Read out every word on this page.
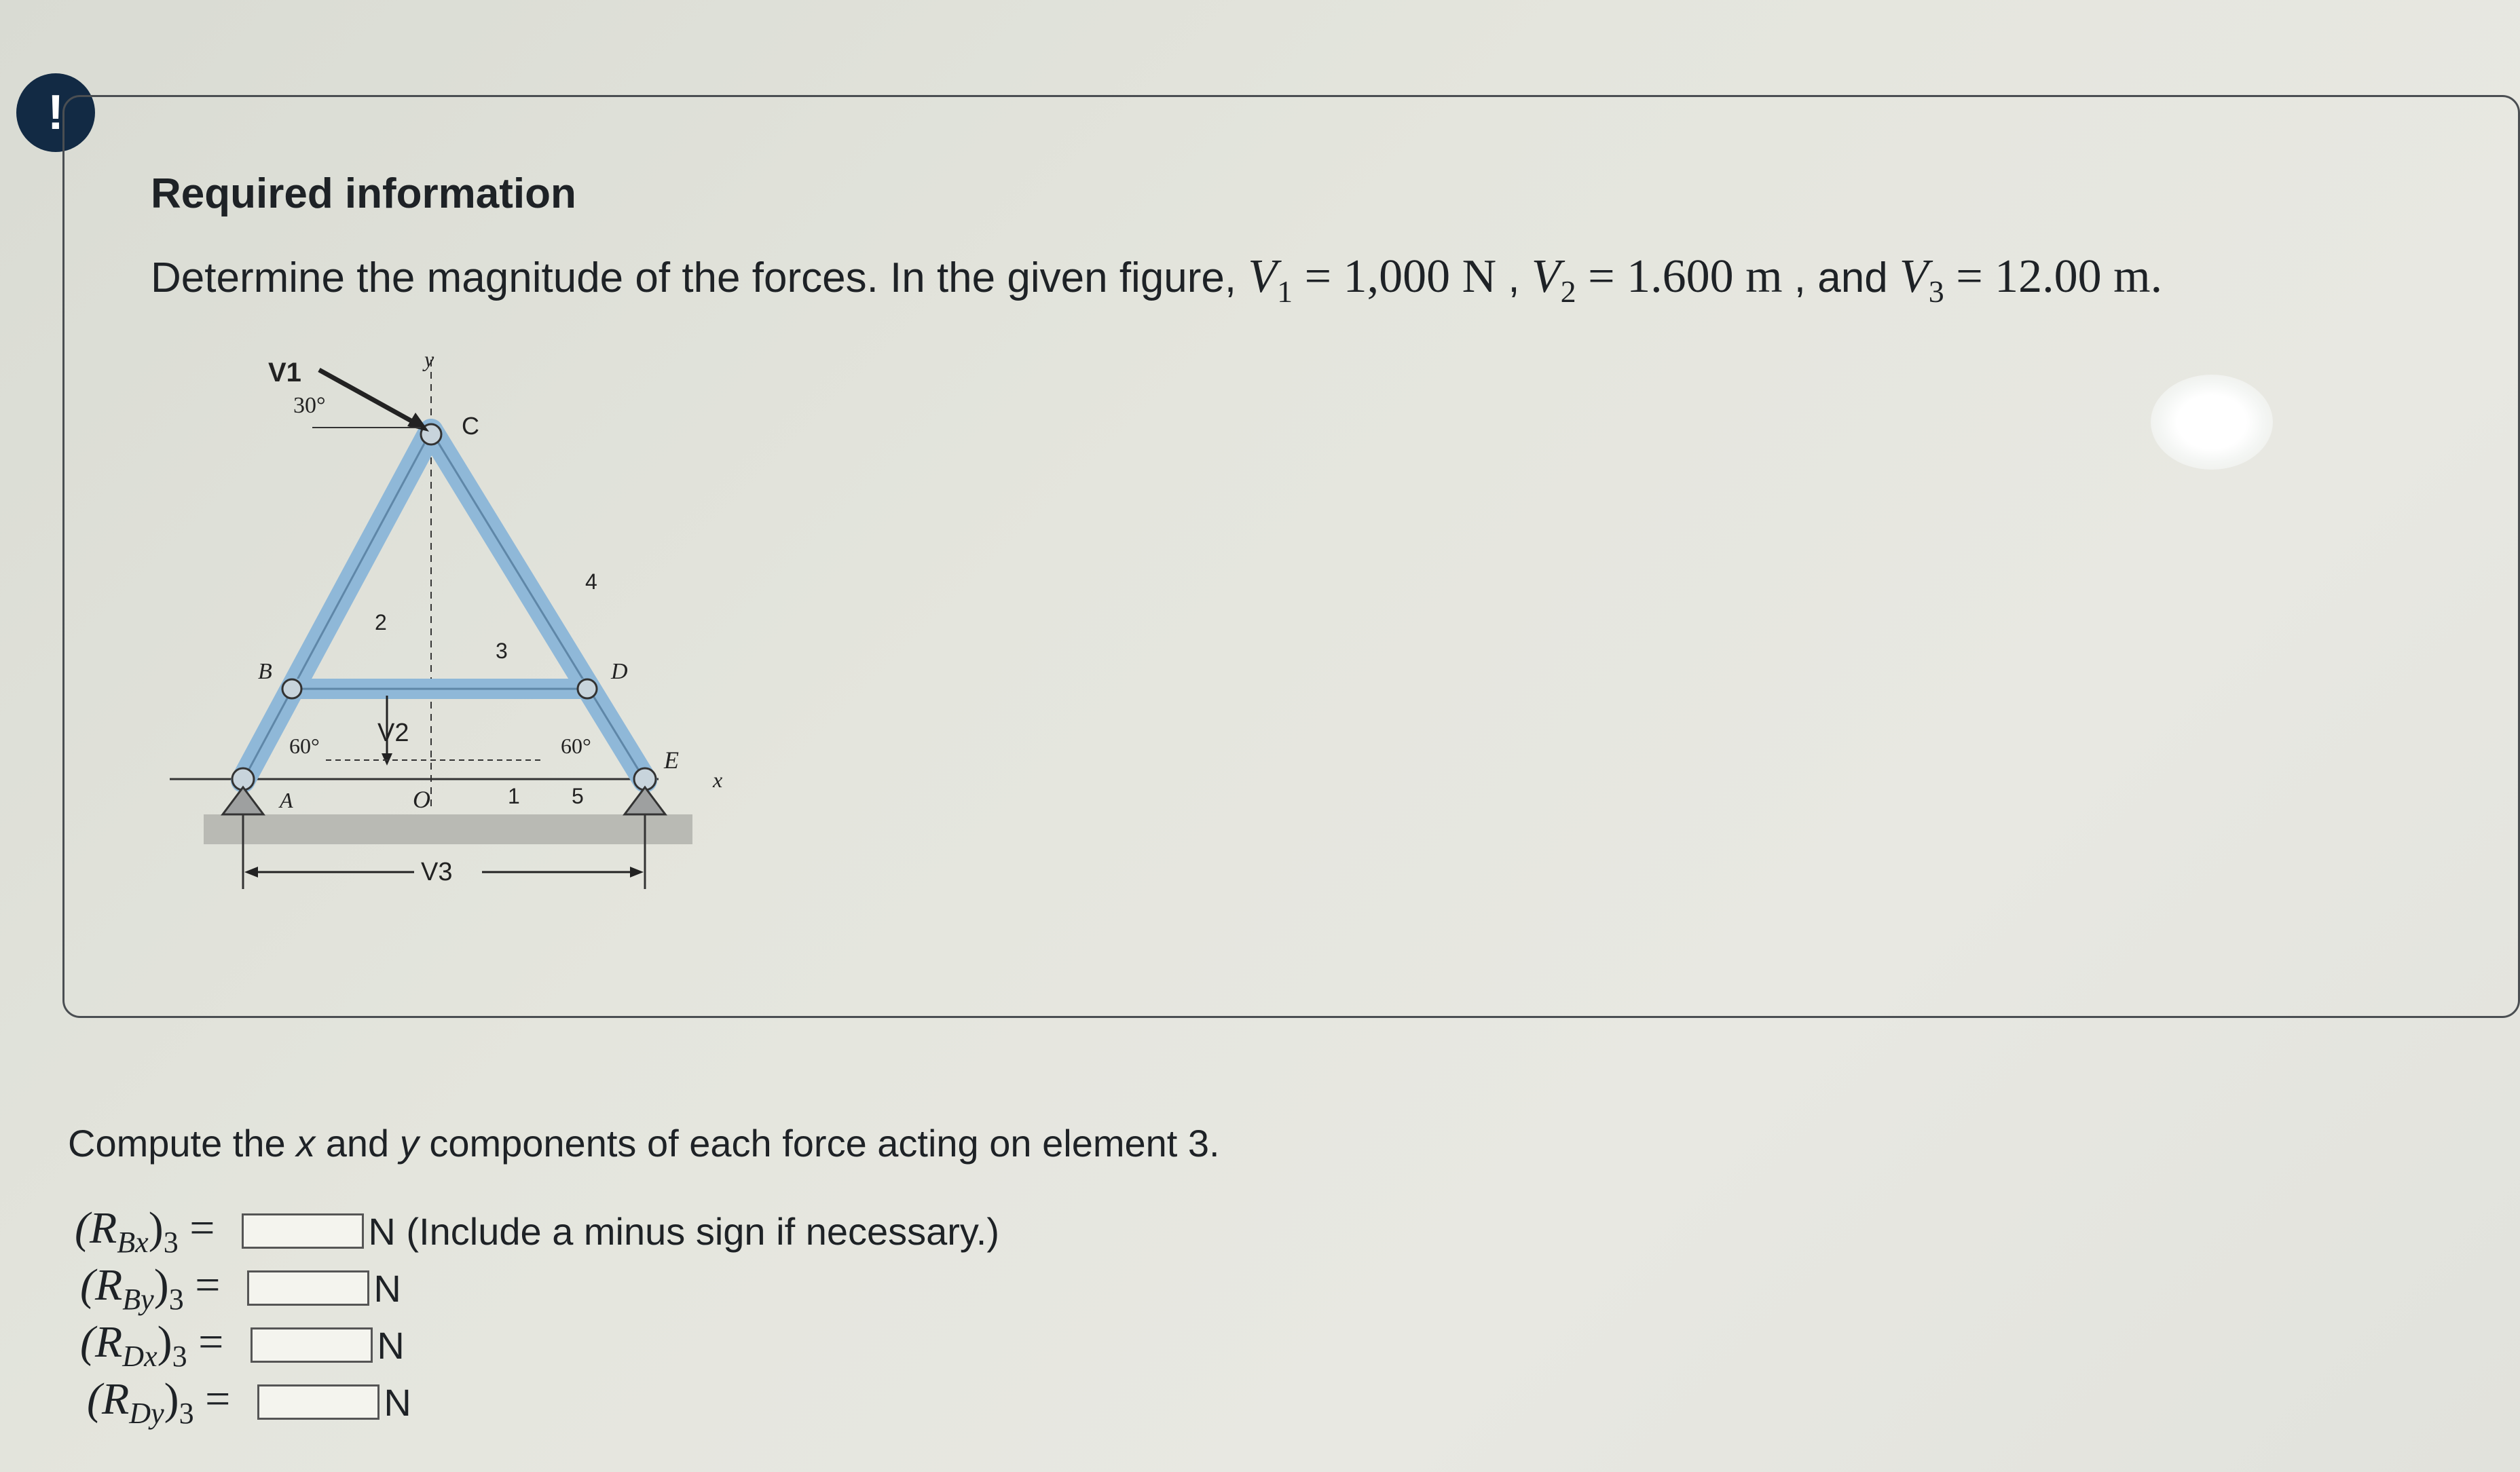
!
Required information
Determine the magnitude of the forces. In the given figure, $V_1 = 1,000$ N , $V_2 = 1.600$ m , and $V_3 = 12.00$ m.
V1
30°
y
C
4
2
3
B	D
60° V2	60°
E
x
A	O	1 5
V3
Compute the x and y components of each force acting on element 3.
$(R_{Bx})_3$ =	N (Include a minus sign if necessary.)
$(R_{By})_3$ =	N
$(R_{Dx})_3$ =	N
$(R_{Dy})_3$ =	N
